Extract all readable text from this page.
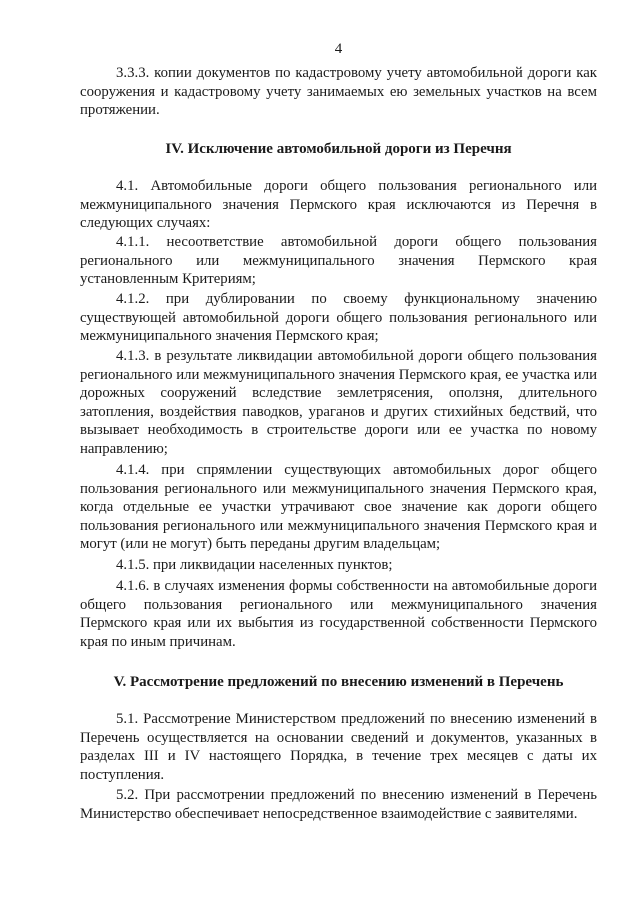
4

3.3.3. копии документов по кадастровому учету автомобильной дороги как сооружения и кадастровому учету занимаемых ею земельных участков на всем протяжении.

IV. Исключение автомобильной дороги из Перечня

4.1. Автомобильные дороги общего пользования регионального или межмуниципального значения Пермского края исключаются из Перечня в следующих случаях:

4.1.1. несоответствие автомобильной дороги общего пользования регионального или межмуниципального значения Пермского края установленным Критериям;

4.1.2. при дублировании по своему функциональному значению существующей автомобильной дороги общего пользования регионального или межмуниципального значения Пермского края;

4.1.3. в результате ликвидации автомобильной дороги общего пользования регионального или межмуниципального значения Пермского края, ее участка или дорожных сооружений вследствие землетрясения, оползня, длительного затопления, воздействия паводков, ураганов и других стихийных бедствий, что вызывает необходимость в строительстве дороги или ее участка по новому направлению;

4.1.4. при спрямлении существующих автомобильных дорог общего пользования регионального или межмуниципального значения Пермского края, когда отдельные ее участки утрачивают свое значение как дороги общего пользования регионального или межмуниципального значения Пермского края и могут (или не могут) быть переданы другим владельцам;

4.1.5. при ликвидации населенных пунктов;

4.1.6. в случаях изменения формы собственности на автомобильные дороги общего пользования регионального или межмуниципального значения Пермского края или их выбытия из государственной собственности Пермского края по иным причинам.

V. Рассмотрение предложений по внесению изменений в Перечень

5.1. Рассмотрение Министерством предложений по внесению изменений в Перечень осуществляется на основании сведений и документов, указанных в разделах III и IV настоящего Порядка, в течение трех месяцев с даты их поступления.

5.2. При рассмотрении предложений по внесению изменений в Перечень Министерство обеспечивает непосредственное взаимодействие с заявителями.
